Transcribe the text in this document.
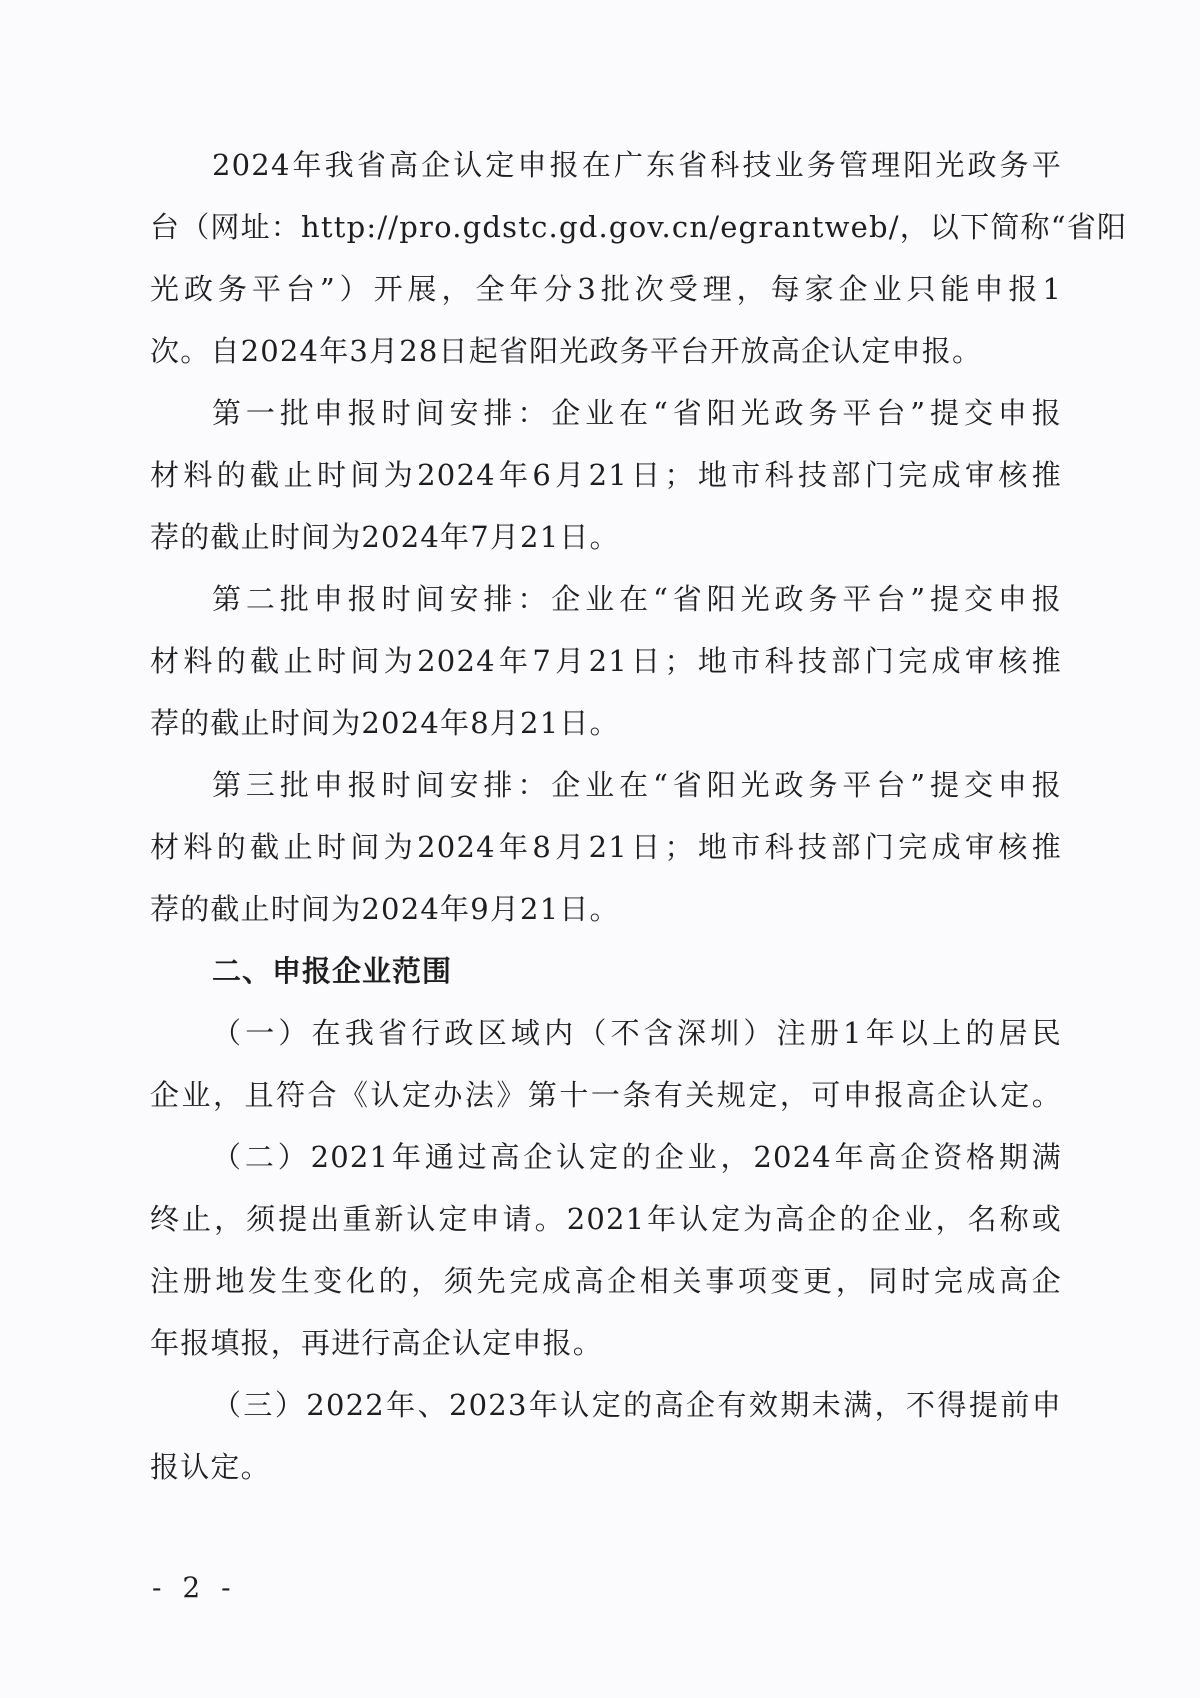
2024年我省高企认定申报在广东省科技业务管理阳光政务平
台（网址：http://pro.gdstc.gd.gov.cn/egrantweb/，以下简称“省阳
光政务平台”）开展，全年分3批次受理，每家企业只能申报1
次。自2024年3月28日起省阳光政务平台开放高企认定申报。
第一批申报时间安排：企业在“省阳光政务平台”提交申报
材料的截止时间为2024年6月21日；地市科技部门完成审核推
荐的截止时间为2024年7月21日。
第二批申报时间安排：企业在“省阳光政务平台”提交申报
材料的截止时间为2024年7月21日；地市科技部门完成审核推
荐的截止时间为2024年8月21日。
第三批申报时间安排：企业在“省阳光政务平台”提交申报
材料的截止时间为2024年8月21日；地市科技部门完成审核推
荐的截止时间为2024年9月21日。
二、申报企业范围
（一）在我省行政区域内（不含深圳）注册1年以上的居民
企业，且符合《认定办法》第十一条有关规定，可申报高企认定。
（二）2021年通过高企认定的企业，2024年高企资格期满
终止，须提出重新认定申请。2021年认定为高企的企业，名称或
注册地发生变化的，须先完成高企相关事项变更，同时完成高企
年报填报，再进行高企认定申报。
（三）2022年、2023年认定的高企有效期未满，不得提前申
报认定。
- 2 -
